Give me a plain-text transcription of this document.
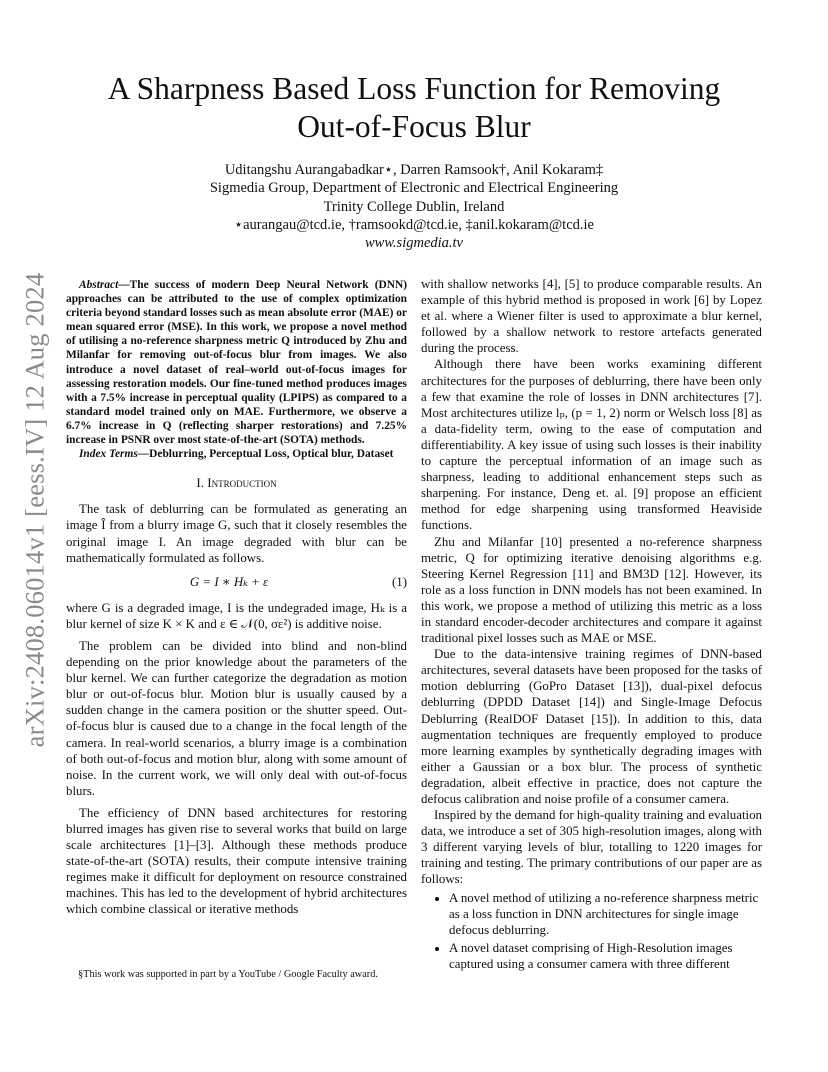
arXiv:2408.06014v1 [eess.IV] 12 Aug 2024
A Sharpness Based Loss Function for Removing
Out-of-Focus Blur
Uditangshu Aurangabadkar⋆, Darren Ramsook†, Anil Kokaram‡
Sigmedia Group, Department of Electronic and Electrical Engineering
Trinity College Dublin, Ireland
⋆aurangau@tcd.ie, †ramsookd@tcd.ie, ‡anil.kokaram@tcd.ie
www.sigmedia.tv

Abstract—The success of modern Deep Neural Network (DNN) approaches can be attributed to the use of complex optimization criteria beyond standard losses such as mean absolute error (MAE) or mean squared error (MSE). In this work, we propose a novel method of utilising a no-reference sharpness metric Q introduced by Zhu and Milanfar for removing out-of-focus blur from images. We also introduce a novel dataset of real–world out-of-focus images for assessing restoration models. Our fine-tuned method produces images with a 7.5% increase in perceptual quality (LPIPS) as compared to a standard model trained only on MAE. Furthermore, we observe a 6.7% increase in Q (reflecting sharper restorations) and 7.25% increase in PSNR over most state-of-the-art (SOTA) methods.

Index Terms—Deblurring, Perceptual Loss, Optical blur, Dataset

I. Introduction

The task of deblurring can be formulated as generating an image Î from a blurry image G, such that it closely resembles the original image I. An image degraded with blur can be mathematically formulated as follows.

G = I ∗ Hₖ + ε	(1)

where G is a degraded image, I is the undegraded image, Hₖ is a blur kernel of size K × K and ε ∈ 𝒩(0, σε²) is additive noise.

The problem can be divided into blind and non-blind depending on the prior knowledge about the parameters of the blur kernel. We can further categorize the degradation as motion blur or out-of-focus blur. Motion blur is usually caused by a sudden change in the camera position or the shutter speed. Out-of-focus blur is caused due to a change in the focal length of the camera. In real-world scenarios, a blurry image is a combination of both out-of-focus and motion blur, along with some amount of noise. In the current work, we will only deal with out-of-focus blurs.

The efficiency of DNN based architectures for restoring blurred images has given rise to several works that build on large scale architectures [1]–[3]. Although these methods produce state-of-the-art (SOTA) results, their compute intensive training regimes make it difficult for deployment on resource constrained machines. This has led to the development of hybrid architectures which combine classical or iterative methods

§This work was supported in part by a YouTube / Google Faculty award.

with shallow networks [4], [5] to produce comparable results. An example of this hybrid method is proposed in work [6] by Lopez et al. where a Wiener filter is used to approximate a blur kernel, followed by a shallow network to restore artefacts generated during the process.

Although there have been works examining different architectures for the purposes of deblurring, there have been only a few that examine the role of losses in DNN architectures [7]. Most architectures utilize lₚ, (p = 1, 2) norm or Welsch loss [8] as a data-fidelity term, owing to the ease of computation and differentiability. A key issue of using such losses is their inability to capture the perceptual information of an image such as sharpness, leading to additional enhancement steps such as sharpening. For instance, Deng et. al. [9] propose an efficient method for edge sharpening using transformed Heaviside functions.

Zhu and Milanfar [10] presented a no-reference sharpness metric, Q for optimizing iterative denoising algorithms e.g. Steering Kernel Regression [11] and BM3D [12]. However, its role as a loss function in DNN models has not been examined. In this work, we propose a method of utilizing this metric as a loss in standard encoder-decoder architectures and compare it against traditional pixel losses such as MAE or MSE.

Due to the data-intensive training regimes of DNN-based architectures, several datasets have been proposed for the tasks of motion deblurring (GoPro Dataset [13]), dual-pixel defocus deblurring (DPDD Dataset [14]) and Single-Image Defocus Deblurring (RealDOF Dataset [15]). In addition to this, data augmentation techniques are frequently employed to produce more learning examples by synthetically degrading images with either a Gaussian or a box blur. The process of synthetic degradation, albeit effective in practice, does not capture the defocus calibration and noise profile of a consumer camera.

Inspired by the demand for high-quality training and evaluation data, we introduce a set of 305 high-resolution images, along with 3 different varying levels of blur, totalling to 1220 images for training and testing. The primary contributions of our paper are as follows:

• A novel method of utilizing a no-reference sharpness metric as a loss function in DNN architectures for single image defocus deblurring.
• A novel dataset comprising of High-Resolution images captured using a consumer camera with three different
